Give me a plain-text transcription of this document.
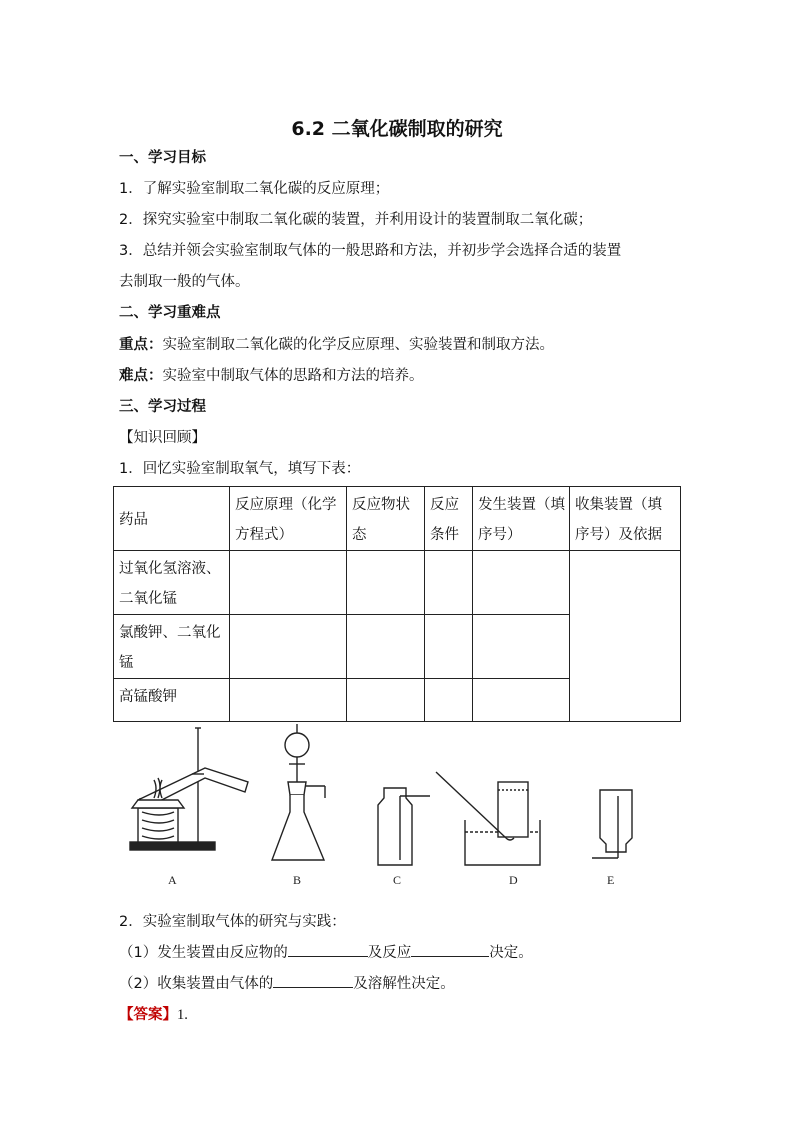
6.2 二氧化碳制取的研究
一、学习目标
1．了解实验室制取二氧化碳的反应原理；
2．探究实验室中制取二氧化碳的装置，并利用设计的装置制取二氧化碳；
3．总结并领会实验室制取气体的一般思路和方法，并初步学会选择合适的装置
去制取一般的气体。
二、学习重难点
重点：实验室制取二氧化碳的化学反应原理、实验装置和制取方法。
难点：实验室中制取气体的思路和方法的培养。
三、学习过程
【知识回顾】
1．回忆实验室制取氧气，填写下表：
药品	反应原理（化学方程式）	反应物状态	反应条件	发生装置（填序号）	收集装置（填序号）及依据
过氧化氢溶液、二氧化锰					
氯酸钾、二氧化锰					
高锰酸钾					
A	B	C	D	E
2．实验室制取气体的研究与实践：
（1）发生装置由反应物的	及反应	决定。
（2）收集装置由气体的	及溶解性决定。
【答案】1.
